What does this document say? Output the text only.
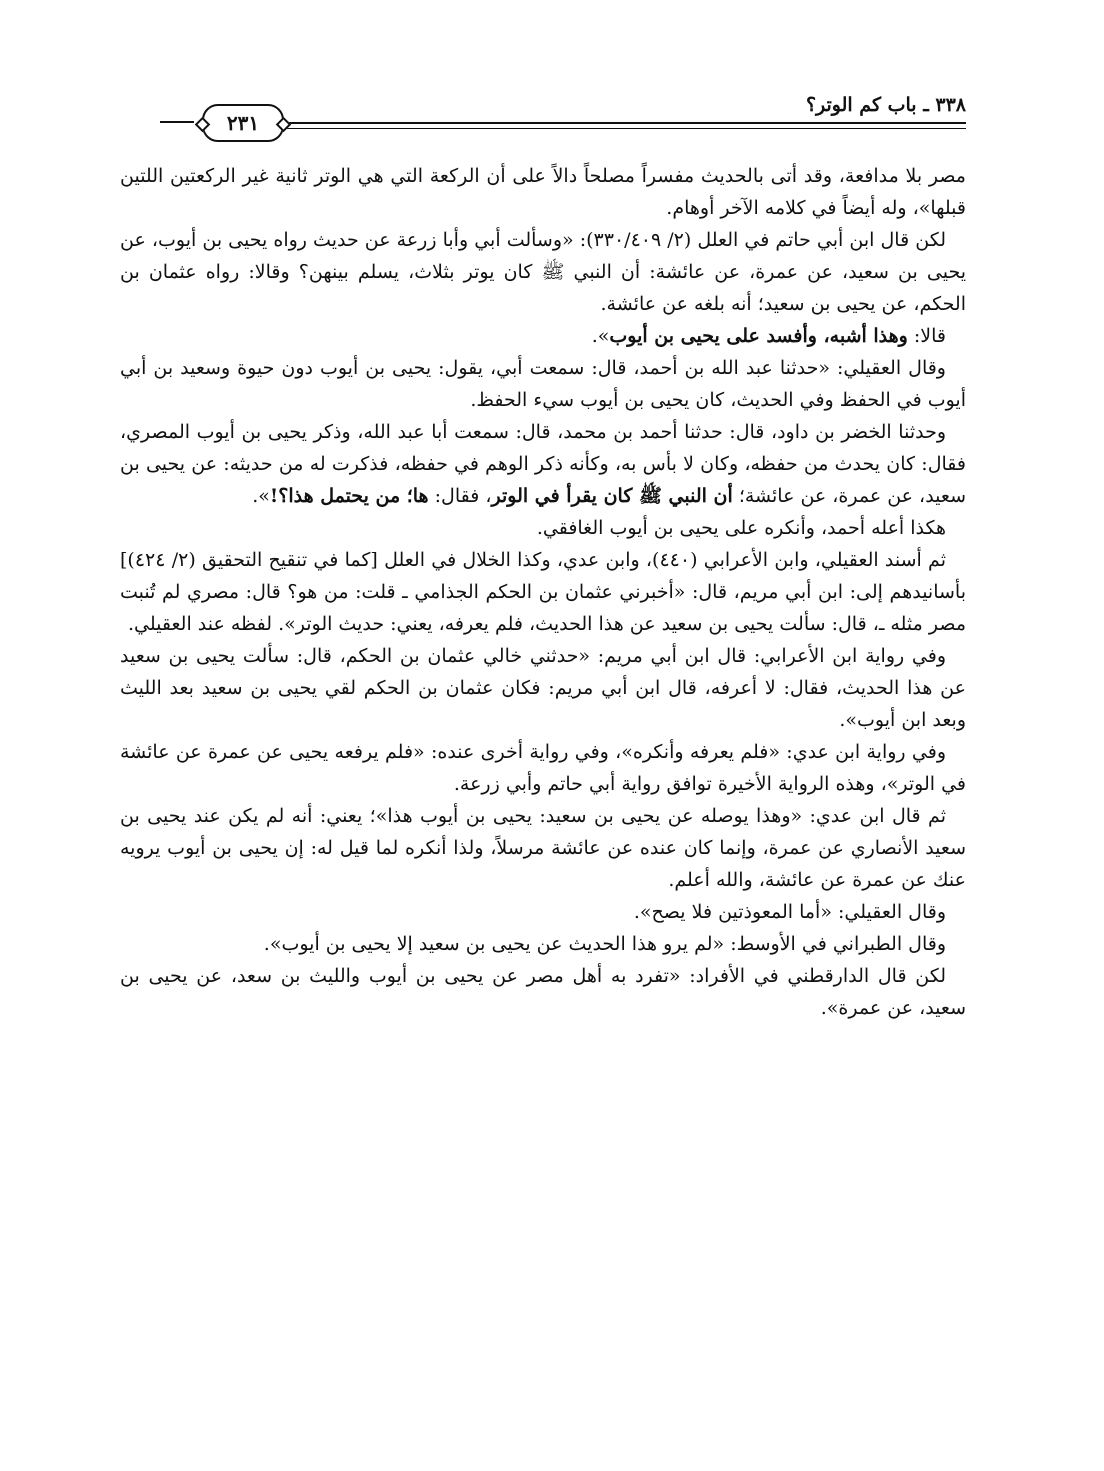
٣٣٨ ـ باب كم الوتر؟
٢٣١

مصر بلا مدافعة، وقد أتى بالحديث مفسراً مصلحاً دالاً على أن الركعة التي هي الوتر ثانية غير الركعتين اللتين قبلها»، وله أيضاً في كلامه الآخر أوهام.

لكن قال ابن أبي حاتم في العلل (٢/ ٣٣٠/٤٠٩): «وسألت أبي وأبا زرعة عن حديث رواه يحيى بن أيوب، عن يحيى بن سعيد، عن عمرة، عن عائشة: أن النبي ﷺ كان يوتر بثلاث، يسلم بينهن؟ وقالا: رواه عثمان بن الحكم، عن يحيى بن سعيد؛ أنه بلغه عن عائشة.

قالا: وهذا أشبه، وأفسد على يحيى بن أيوب».

وقال العقيلي: «حدثنا عبد الله بن أحمد، قال: سمعت أبي، يقول: يحيى بن أيوب دون حيوة وسعيد بن أبي أيوب في الحفظ وفي الحديث، كان يحيى بن أيوب سيء الحفظ.

وحدثنا الخضر بن داود، قال: حدثنا أحمد بن محمد، قال: سمعت أبا عبد الله، وذكر يحيى بن أيوب المصري، فقال: كان يحدث من حفظه، وكان لا بأس به، وكأنه ذكر الوهم في حفظه، فذكرت له من حديثه: عن يحيى بن سعيد، عن عمرة، عن عائشة؛ أن النبي ﷺ كان يقرأ في الوتر، فقال: ها؛ من يحتمل هذا؟!».

هكذا أعله أحمد، وأنكره على يحيى بن أيوب الغافقي.

ثم أسند العقيلي، وابن الأعرابي (٤٤٠)، وابن عدي، وكذا الخلال في العلل [كما في تنقيح التحقيق (٢/ ٤٢٤)] بأسانيدهم إلى: ابن أبي مريم، قال: «أخبرني عثمان بن الحكم الجذامي ـ قلت: من هو؟ قال: مصري لم تُنبت مصر مثله ـ، قال: سألت يحيى بن سعيد عن هذا الحديث، فلم يعرفه، يعني: حديث الوتر». لفظه عند العقيلي.

وفي رواية ابن الأعرابي: قال ابن أبي مريم: «حدثني خالي عثمان بن الحكم، قال: سألت يحيى بن سعيد عن هذا الحديث، فقال: لا أعرفه، قال ابن أبي مريم: فكان عثمان بن الحكم لقي يحيى بن سعيد بعد الليث وبعد ابن أيوب».

وفي رواية ابن عدي: «فلم يعرفه وأنكره»، وفي رواية أخرى عنده: «فلم يرفعه يحيى عن عمرة عن عائشة في الوتر»، وهذه الرواية الأخيرة توافق رواية أبي حاتم وأبي زرعة.

ثم قال ابن عدي: «وهذا يوصله عن يحيى بن سعيد: يحيى بن أيوب هذا»؛ يعني: أنه لم يكن عند يحيى بن سعيد الأنصاري عن عمرة، وإنما كان عنده عن عائشة مرسلاً، ولذا أنكره لما قيل له: إن يحيى بن أيوب يرويه عنك عن عمرة عن عائشة، والله أعلم.

وقال العقيلي: «أما المعوذتين فلا يصح».

وقال الطبراني في الأوسط: «لم يرو هذا الحديث عن يحيى بن سعيد إلا يحيى بن أيوب».

لكن قال الدارقطني في الأفراد: «تفرد به أهل مصر عن يحيى بن أيوب والليث بن سعد، عن يحيى بن سعيد، عن عمرة».
